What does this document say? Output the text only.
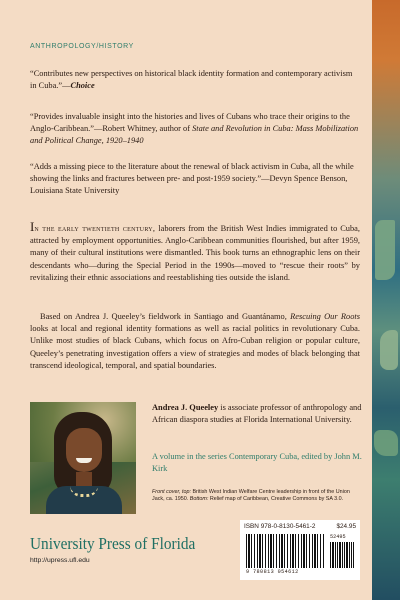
ANTHROPOLOGY/HISTORY

“Contributes new perspectives on historical black identity formation and contemporary activism in Cuba.”—Choice

“Provides invaluable insight into the histories and lives of Cubans who trace their origins to the Anglo-Caribbean.”—Robert Whitney, author of State and Revolution in Cuba: Mass Mobilization and Political Change, 1920–1940

“Adds a missing piece to the literature about the renewal of black activism in Cuba, all the while showing the links and fractures between pre- and post-1959 society.”—Devyn Spence Benson, Louisiana State University

In the early twentieth century, laborers from the British West Indies immigrated to Cuba, attracted by employment opportunities. Anglo-Caribbean communities flourished, but after 1959, many of their cultural institutions were dismantled. This book turns an ethnographic lens on their descendants who—during the Special Period in the 1990s—moved to “rescue their roots” by revitalizing their ethnic associations and reestablishing ties outside the island.

Based on Andrea J. Queeley’s fieldwork in Santiago and Guantánamo, Rescuing Our Roots looks at local and regional identity formations as well as racial politics in revolutionary Cuba. Unlike most studies of black Cubans, which focus on Afro-Cuban religion or popular culture, Queeley’s penetrating investigation offers a view of strategies and modes of black belonging that transcend ideological, temporal, and spatial boundaries.

Andrea J. Queeley is associate professor of anthropology and African diaspora studies at Florida International University.

A volume in the series Contemporary Cuba, edited by John M. Kirk

Front cover, top: British West Indian Welfare Centre leadership in front of the Union Jack, ca. 1950. Bottom: Relief map of Caribbean, Creative Commons by SA 3.0.

University Press of Florida
http://upress.ufl.edu
ISBN 978-0-8130-5461-2	$24.95
52495
9 780813 054612
